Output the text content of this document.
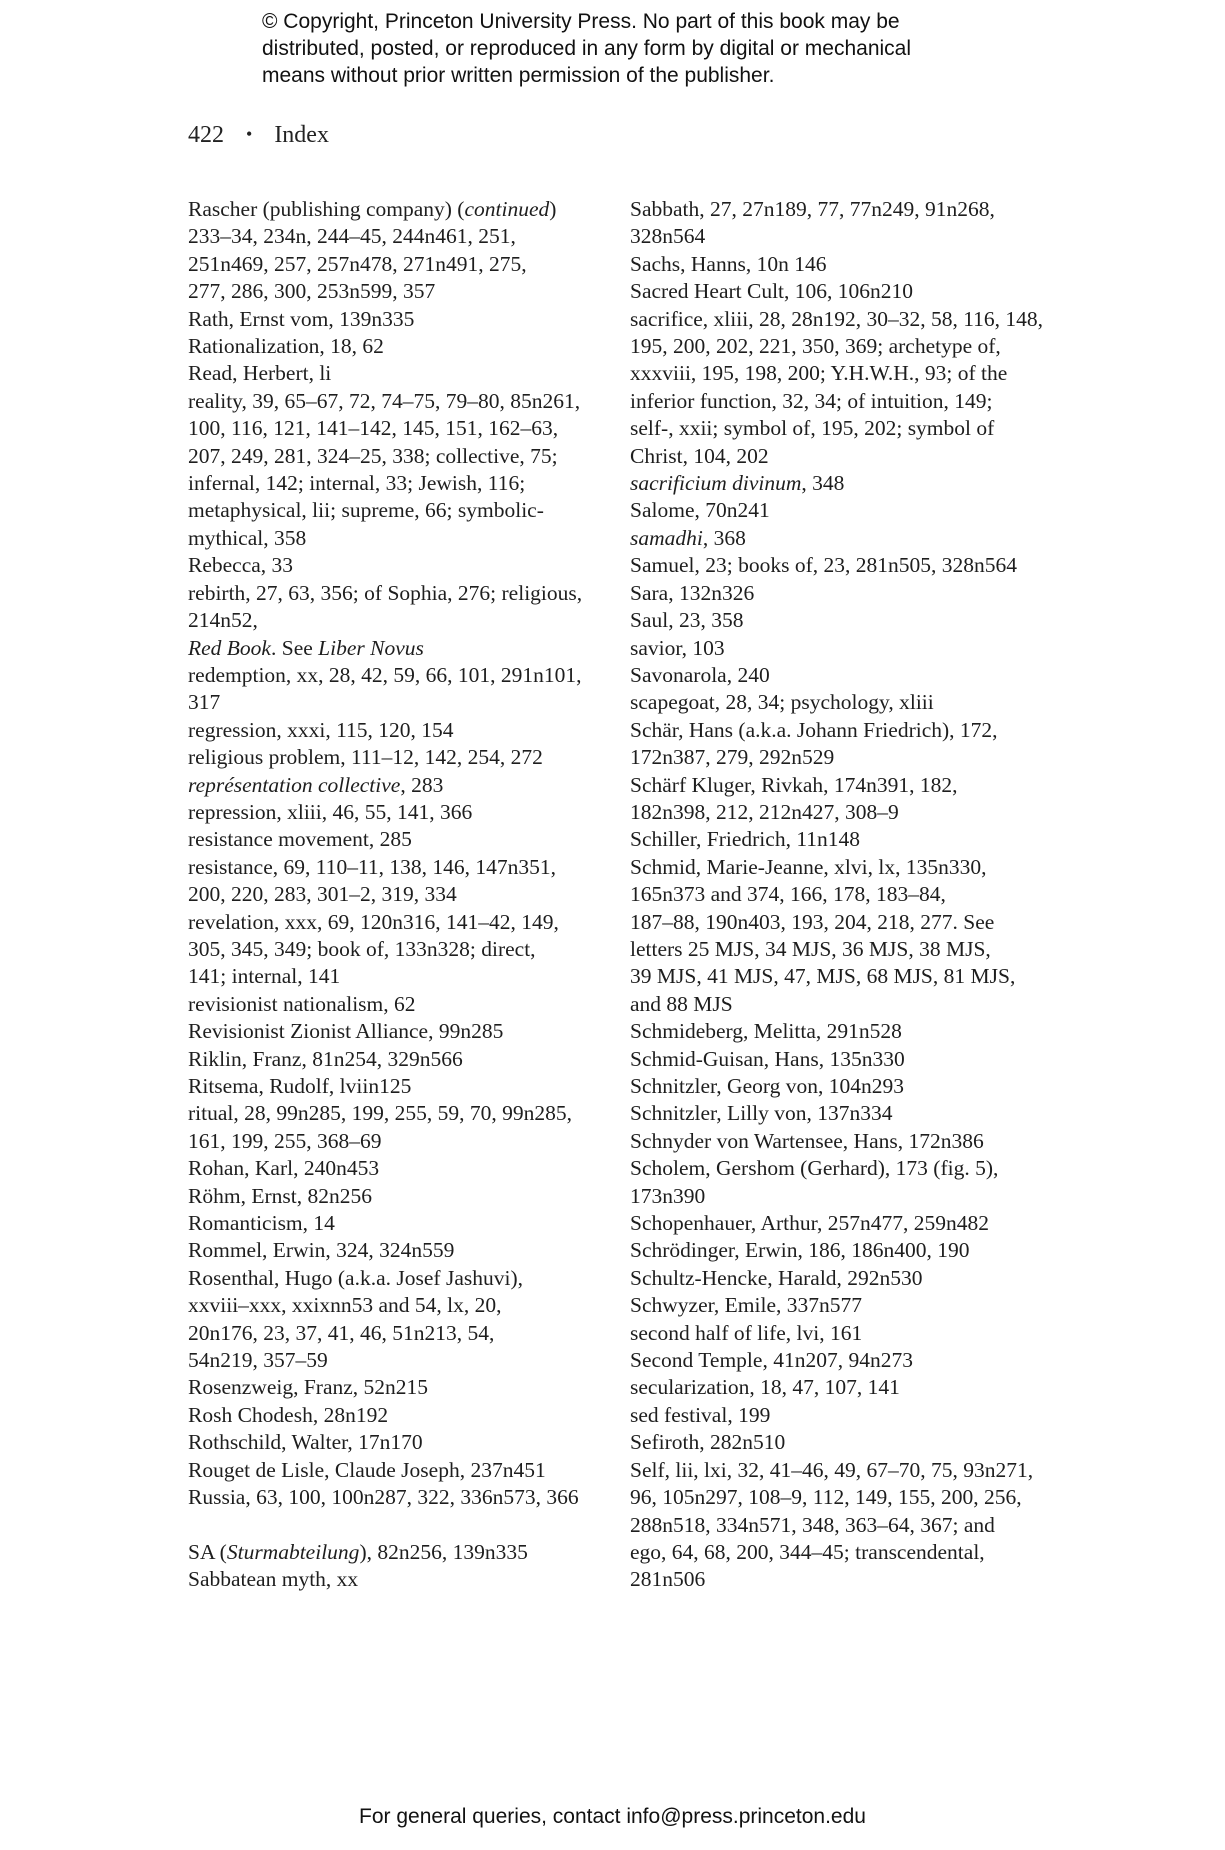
© Copyright, Princeton University Press. No part of this book may be
distributed, posted, or reproduced in any form by digital or mechanical
means without prior written permission of the publisher.
422 • Index
Rascher (publishing company) (continued)
233–34, 234n, 244–45, 244n461, 251,
251n469, 257, 257n478, 271n491, 275,
277, 286, 300, 253n599, 357
Rath, Ernst vom, 139n335
Rationalization, 18, 62
Read, Herbert, li
reality, 39, 65–67, 72, 74–75, 79–80, 85n261,
100, 116, 121, 141–142, 145, 151, 162–63,
207, 249, 281, 324–25, 338; collective, 75;
infernal, 142; internal, 33; Jewish, 116;
metaphysical, lii; supreme, 66; symbolic-
mythical, 358
Rebecca, 33
rebirth, 27, 63, 356; of Sophia, 276; religious,
214n52,
Red Book. See Liber Novus
redemption, xx, 28, 42, 59, 66, 101, 291n101,
317
regression, xxxi, 115, 120, 154
religious problem, 111–12, 142, 254, 272
représentation collective, 283
repression, xliii, 46, 55, 141, 366
resistance movement, 285
resistance, 69, 110–11, 138, 146, 147n351,
200, 220, 283, 301–2, 319, 334
revelation, xxx, 69, 120n316, 141–42, 149,
305, 345, 349; book of, 133n328; direct,
141; internal, 141
revisionist nationalism, 62
Revisionist Zionist Alliance, 99n285
Riklin, Franz, 81n254, 329n566
Ritsema, Rudolf, lviin125
ritual, 28, 99n285, 199, 255, 59, 70, 99n285,
161, 199, 255, 368–69
Rohan, Karl, 240n453
Röhm, Ernst, 82n256
Romanticism, 14
Rommel, Erwin, 324, 324n559
Rosenthal, Hugo (a.k.a. Josef Jashuvi),
xxviii–xxx, xxixnn53 and 54, lx, 20,
20n176, 23, 37, 41, 46, 51n213, 54,
54n219, 357–59
Rosenzweig, Franz, 52n215
Rosh Chodesh, 28n192
Rothschild, Walter, 17n170
Rouget de Lisle, Claude Joseph, 237n451
Russia, 63, 100, 100n287, 322, 336n573, 366
SA (Sturmabteilung), 82n256, 139n335
Sabbatean myth, xx
Sabbath, 27, 27n189, 77, 77n249, 91n268,
328n564
Sachs, Hanns, 10n 146
Sacred Heart Cult, 106, 106n210
sacrifice, xliii, 28, 28n192, 30–32, 58, 116, 148,
195, 200, 202, 221, 350, 369; archetype of,
xxxviii, 195, 198, 200; Y.H.W.H., 93; of the
inferior function, 32, 34; of intuition, 149;
self-, xxii; symbol of, 195, 202; symbol of
Christ, 104, 202
sacrificium divinum, 348
Salome, 70n241
samadhi, 368
Samuel, 23; books of, 23, 281n505, 328n564
Sara, 132n326
Saul, 23, 358
savior, 103
Savonarola, 240
scapegoat, 28, 34; psychology, xliii
Schär, Hans (a.k.a. Johann Friedrich), 172,
172n387, 279, 292n529
Schärf Kluger, Rivkah, 174n391, 182,
182n398, 212, 212n427, 308–9
Schiller, Friedrich, 11n148
Schmid, Marie-Jeanne, xlvi, lx, 135n330,
165n373 and 374, 166, 178, 183–84,
187–88, 190n403, 193, 204, 218, 277. See
letters 25 MJS, 34 MJS, 36 MJS, 38 MJS,
39 MJS, 41 MJS, 47, MJS, 68 MJS, 81 MJS,
and 88 MJS
Schmideberg, Melitta, 291n528
Schmid-Guisan, Hans, 135n330
Schnitzler, Georg von, 104n293
Schnitzler, Lilly von, 137n334
Schnyder von Wartensee, Hans, 172n386
Scholem, Gershom (Gerhard), 173 (fig. 5),
173n390
Schopenhauer, Arthur, 257n477, 259n482
Schrödinger, Erwin, 186, 186n400, 190
Schultz-Hencke, Harald, 292n530
Schwyzer, Emile, 337n577
second half of life, lvi, 161
Second Temple, 41n207, 94n273
secularization, 18, 47, 107, 141
sed festival, 199
Sefiroth, 282n510
Self, lii, lxi, 32, 41–46, 49, 67–70, 75, 93n271,
96, 105n297, 108–9, 112, 149, 155, 200, 256,
288n518, 334n571, 348, 363–64, 367; and
ego, 64, 68, 200, 344–45; transcendental,
281n506
For general queries, contact info@press.princeton.edu
